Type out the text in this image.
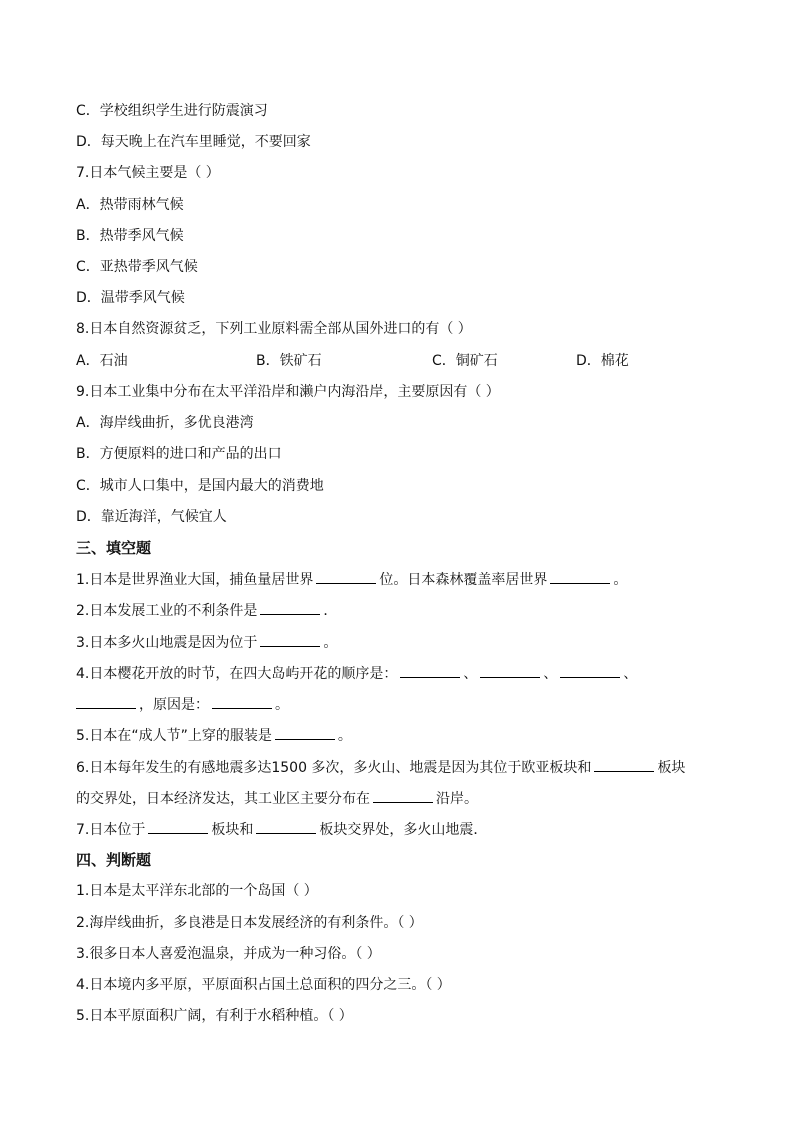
C．学校组织学生进行防震演习
D．每天晚上在汽车里睡觉，不要回家
7.日本气候主要是（ ）
A．热带雨林气候
B．热带季风气候
C．亚热带季风气候
D．温带季风气候
8.日本自然资源贫乏，下列工业原料需全部从国外进口的有（ ）
A．石油	B．铁矿石	C．铜矿石	D．棉花
9.日本工业集中分布在太平洋沿岸和濑户内海沿岸，主要原因有（ ）
A．海岸线曲折，多优良港湾
B．方便原料的进口和产品的出口
C．城市人口集中，是国内最大的消费地
D．靠近海洋，气候宜人
三、填空题
1.日本是世界渔业大国，捕鱼量居世界	位。日本森林覆盖率居世界	。
2.日本发展工业的不利条件是	．
3.日本多火山地震是因为位于	。
4.日本樱花开放的时节，在四大岛屿开花的顺序是：	、	、	、
，原因是：	。
5.日本在“成人节”上穿的服装是	。
6.日本每年发生的有感地震多达1500 多次，多火山、地震是因为其位于欧亚板块和	板块
的交界处，日本经济发达，其工业区主要分布在	沿岸。
7.日本位于	板块和	板块交界处，多火山地震．
四、判断题
1.日本是太平洋东北部的一个岛国（ ）
2.海岸线曲折，多良港是日本发展经济的有利条件。（ ）
3.很多日本人喜爱泡温泉，并成为一种习俗。（ ）
4.日本境内多平原，平原面积占国土总面积的四分之三。（ ）
5.日本平原面积广阔，有利于水稻种植。（ ）
